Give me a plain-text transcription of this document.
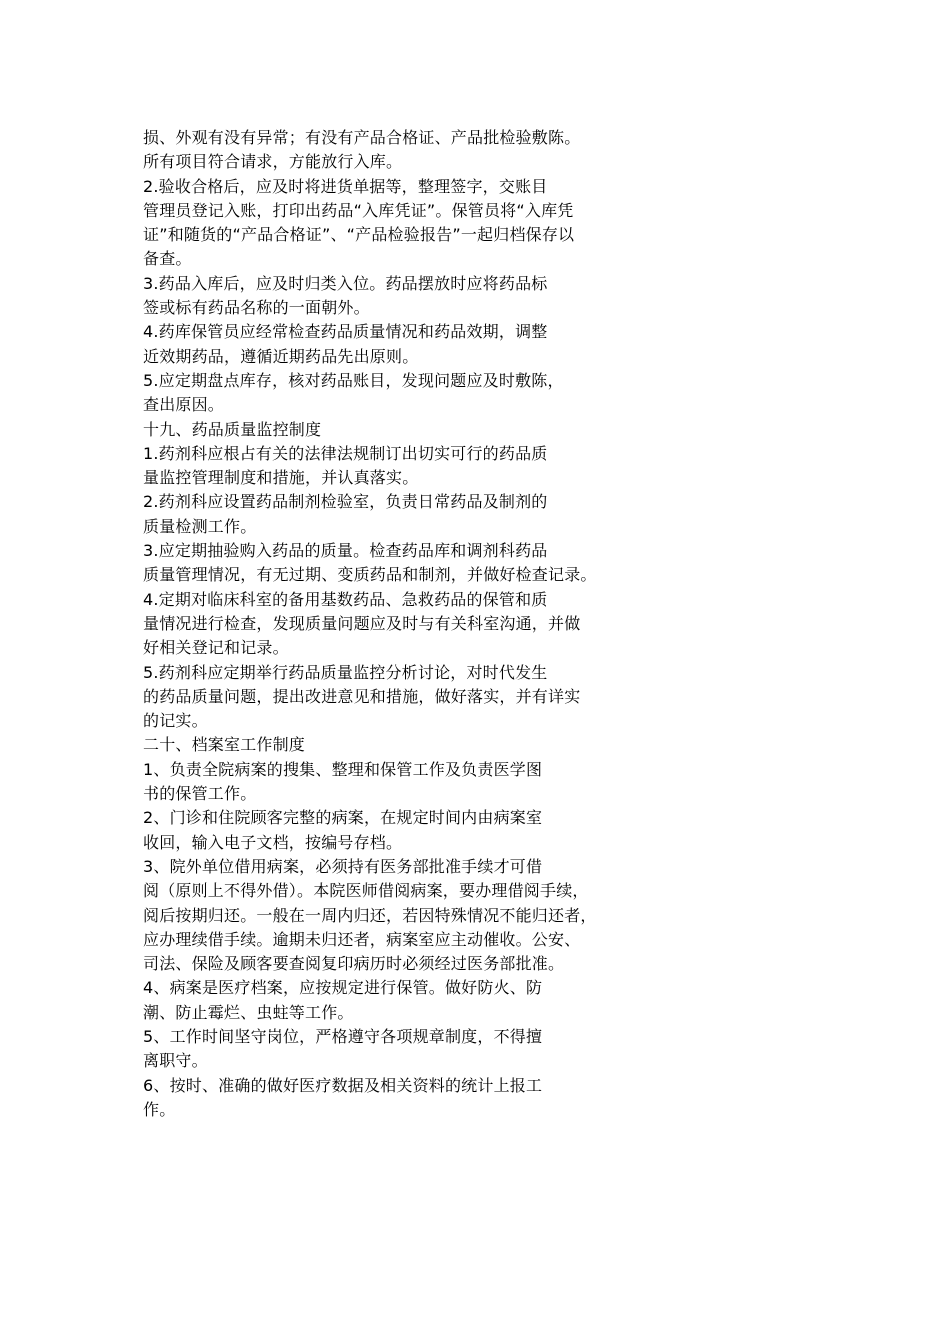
损、外观有没有异常；有没有产品合格证、产品批检验敷陈。
所有项目符合请求，方能放行入库。
2.验收合格后，应及时将进货单据等，整理签字，交账目
管理员登记入账，打印出药品“入库凭证”。保管员将“入库凭
证”和随货的“产品合格证”、“产品检验报告”一起归档保存以
备查。
3.药品入库后，应及时归类入位。药品摆放时应将药品标
签或标有药品名称的一面朝外。
4.药库保管员应经常检查药品质量情况和药品效期，调整
近效期药品，遵循近期药品先出原则。
5.应定期盘点库存，核对药品账目，发现问题应及时敷陈，
查出原因。
十九、药品质量监控制度
1.药剂科应根占有关的法律法规制订出切实可行的药品质
量监控管理制度和措施，并认真落实。
2.药剂科应设置药品制剂检验室，负责日常药品及制剂的
质量检测工作。
3.应定期抽验购入药品的质量。检查药品库和调剂科药品
质量管理情况，有无过期、变质药品和制剂，并做好检查记录。
4.定期对临床科室的备用基数药品、急救药品的保管和质
量情况进行检查，发现质量问题应及时与有关科室沟通，并做
好相关登记和记录。
5.药剂科应定期举行药品质量监控分析讨论，对时代发生
的药品质量问题，提出改进意见和措施，做好落实，并有详实
的记实。
二十、档案室工作制度
1、负责全院病案的搜集、整理和保管工作及负责医学图
书的保管工作。
2、门诊和住院顾客完整的病案，在规定时间内由病案室
收回，输入电子文档，按编号存档。
3、院外单位借用病案，必须持有医务部批准手续才可借
阅（原则上不得外借）。本院医师借阅病案，要办理借阅手续，
阅后按期归还。一般在一周内归还，若因特殊情况不能归还者，
应办理续借手续。逾期未归还者，病案室应主动催收。公安、
司法、保险及顾客要查阅复印病历时必须经过医务部批准。
4、病案是医疗档案，应按规定进行保管。做好防火、防
潮、防止霉烂、虫蛀等工作。
5、工作时间坚守岗位，严格遵守各项规章制度，不得擅
离职守。
6、按时、准确的做好医疗数据及相关资料的统计上报工
作。
